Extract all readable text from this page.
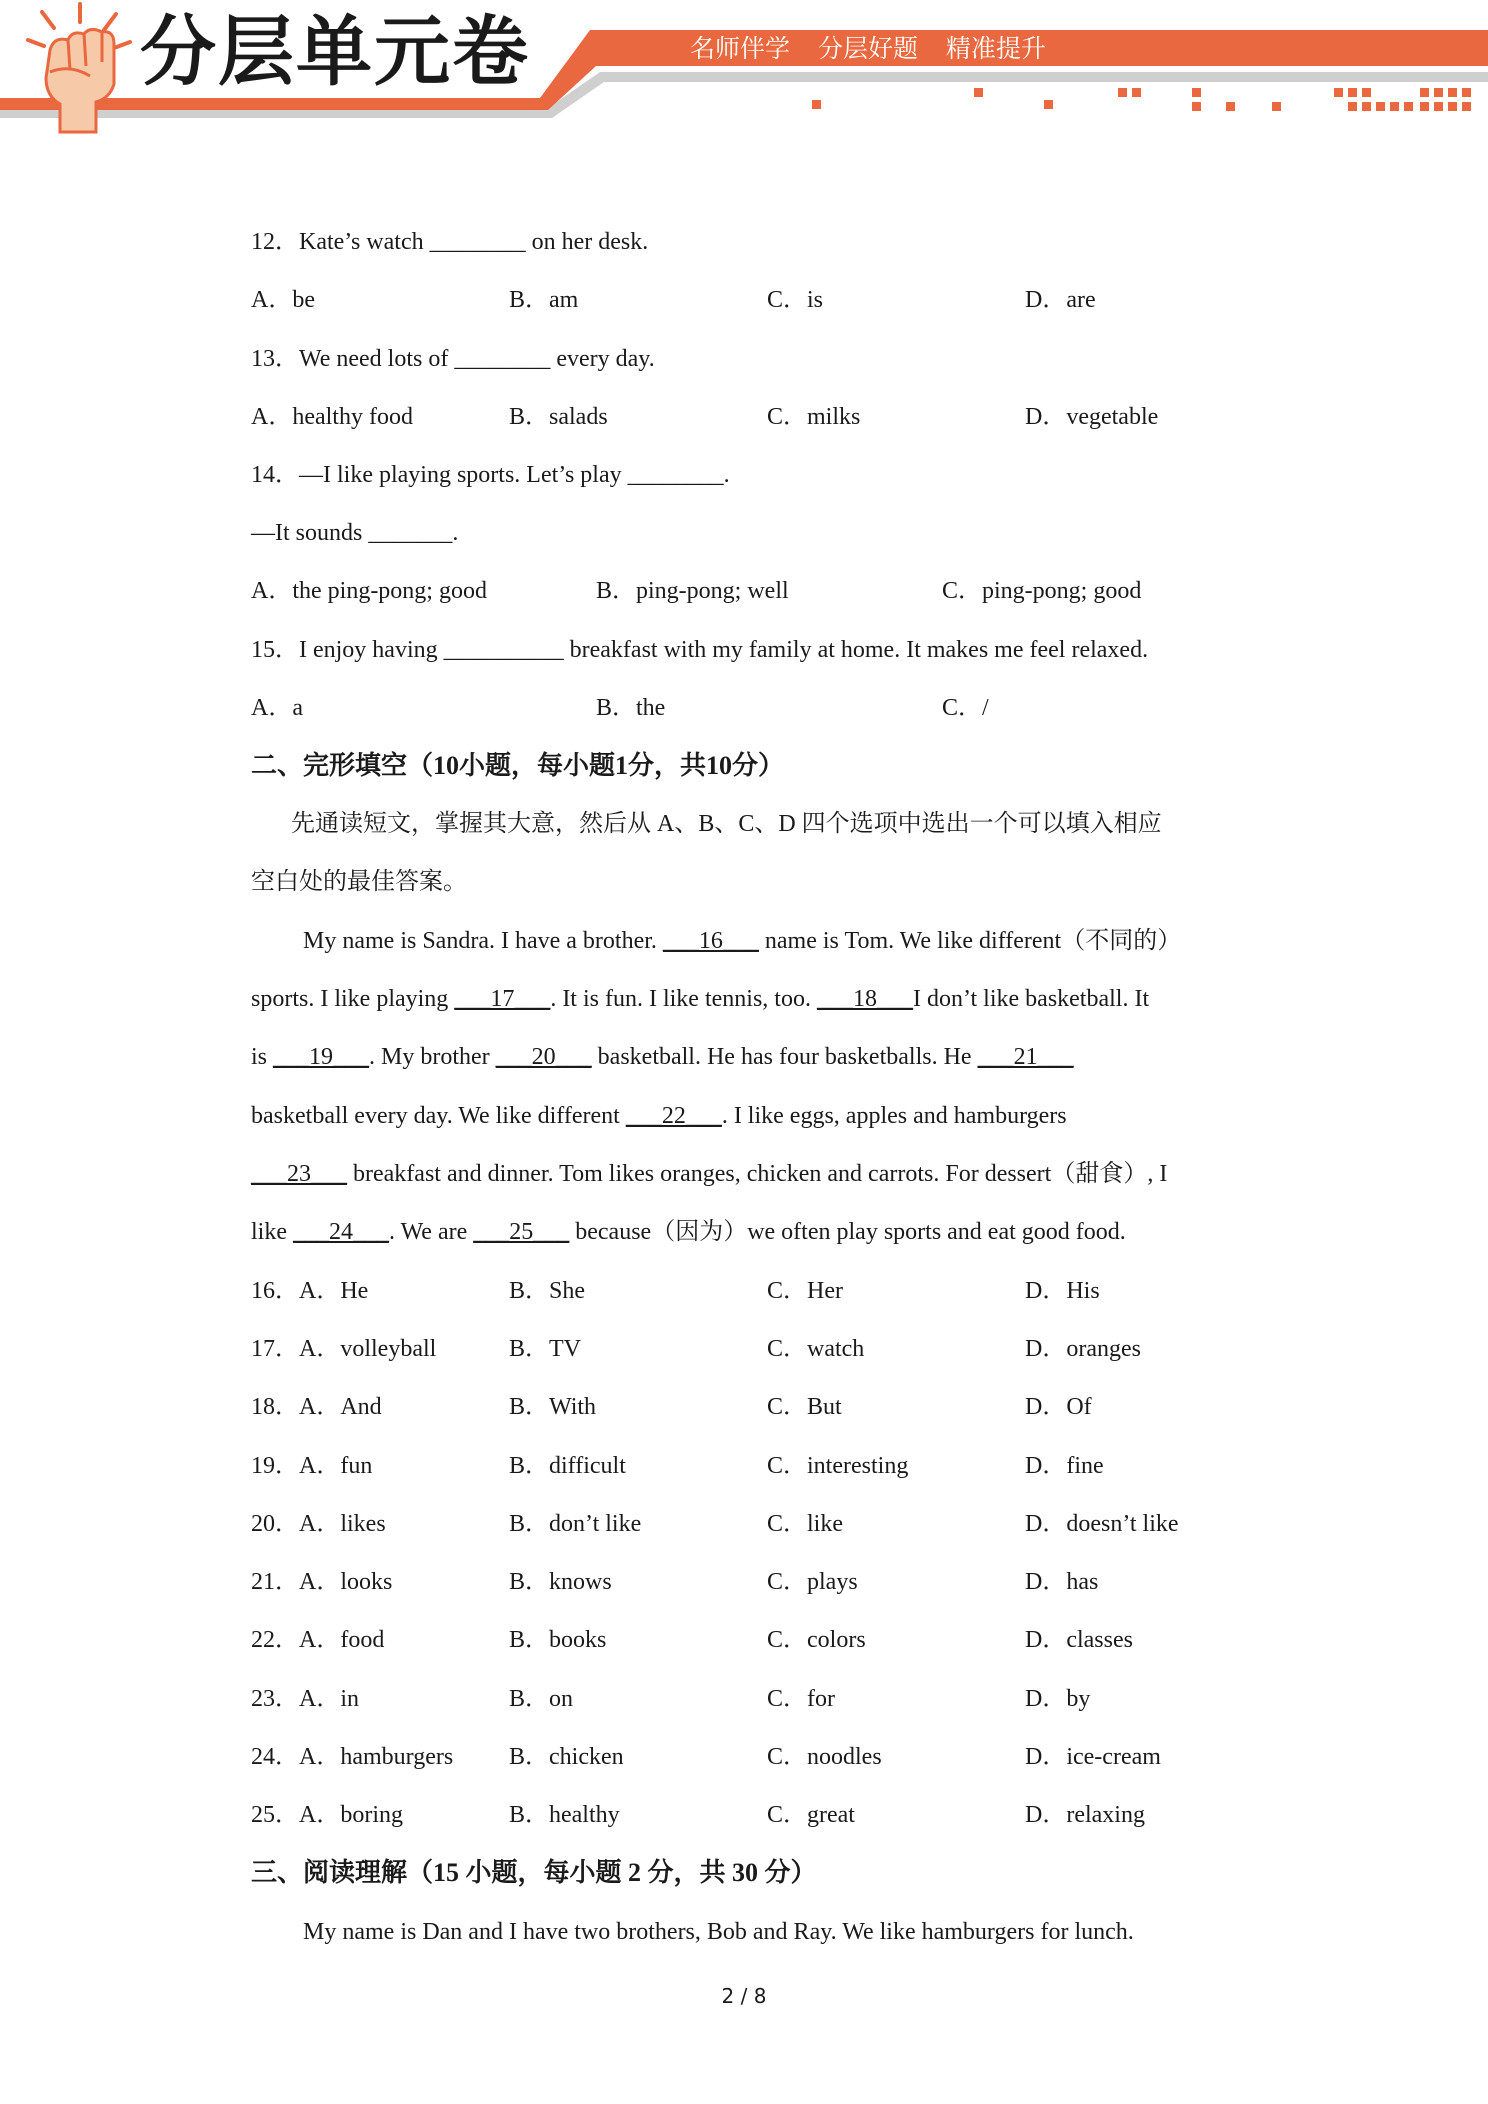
分层单元卷	名师伴学 分层好题 精准提升
12．Kate’s watch ________ on her desk.
A．be	B．am	C．is	D．are
13．We need lots of ________ every day.
A．healthy food	B．salads	C．milks	D．vegetable
14．—I like playing sports. Let’s play ________.
—It sounds _______.
A．the ping-pong; good	B．ping-pong; well	C．ping-pong; good
15．I enjoy having __________ breakfast with my family at home. It makes me feel relaxed.
A．a	B．the	C．/
二、完形填空（10小题，每小题1分，共10分）
先通读短文，掌握其大意，然后从 A、B、C、D 四个选项中选出一个可以填入相应
空白处的最佳答案。
My name is Sandra. I have a brother. ___16___ name is Tom. We like different（不同的）
sports. I like playing ___17___. It is fun. I like tennis, too. ___18___I don’t like basketball. It
is ___19___. My brother ___20___ basketball. He has four basketballs. He ___21___
basketball every day. We like different ___22___. I like eggs, apples and hamburgers
___23___ breakfast and dinner. Tom likes oranges, chicken and carrots. For dessert（甜食）, I
like ___24___. We are ___25___ because（因为）we often play sports and eat good food.
16．A．He	B．She	C．Her	D．His
17．A．volleyball	B．TV	C．watch	D．oranges
18．A．And	B．With	C．But	D．Of
19．A．fun	B．difficult	C．interesting	D．fine
20．A．likes	B．don’t like	C．like	D．doesn’t like
21．A．looks	B．knows	C．plays	D．has
22．A．food	B．books	C．colors	D．classes
23．A．in	B．on	C．for	D．by
24．A．hamburgers B．chicken	C．noodles	D．ice-cream
25．A．boring	B．healthy	C．great	D．relaxing
三、阅读理解（15 小题，每小题 2 分，共 30 分）
My name is Dan and I have two brothers, Bob and Ray. We like hamburgers for lunch.
2 / 8
